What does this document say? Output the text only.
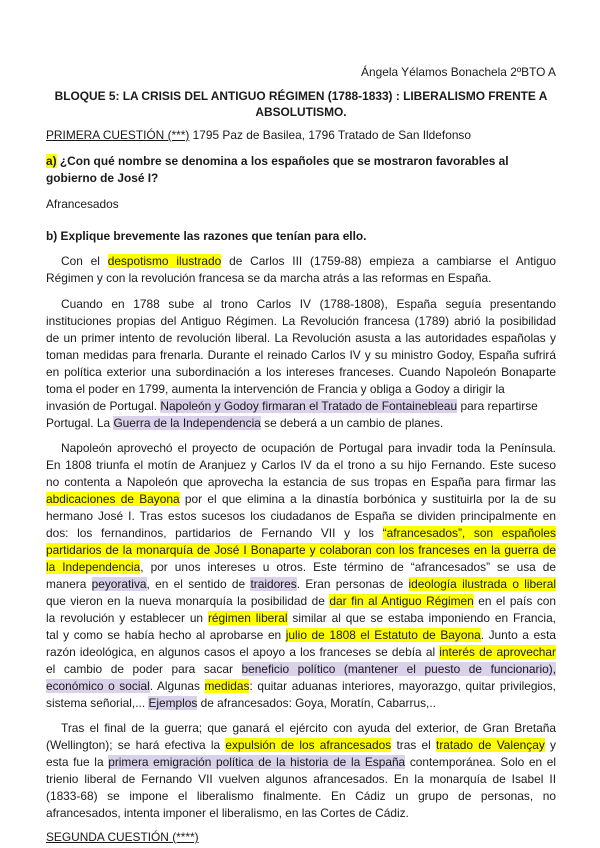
Ángela Yélamos Bonachela 2ºBTO A
BLOQUE 5: LA CRISIS DEL ANTIGUO RÉGIMEN (1788-1833) : LIBERALISMO FRENTE A
ABSOLUTISMO.
PRIMERA CUESTIÓN (***) 1795 Paz de Basilea, 1796 Tratado de San Ildefonso
a) ¿Con qué nombre se denomina a los españoles que se mostraron favorables al
gobierno de José I?
Afrancesados
b) Explique brevemente las razones que tenían para ello.
Con el despotismo ilustrado de Carlos III (1759-88) empieza a cambiarse el Antiguo
Régimen y con la revolución francesa se da marcha atrás a las reformas en España.
Cuando en 1788 sube al trono Carlos IV (1788-1808), España seguía presentando
instituciones propias del Antiguo Régimen. La Revolución francesa (1789) abrió la posibilidad
de un primer intento de revolución liberal. La Revolución asusta a las autoridades españolas y
toman medidas para frenarla. Durante el reinado Carlos IV y su ministro Godoy, España sufrirá
en política exterior una subordinación a los intereses franceses. Cuando Napoleón Bonaparte
toma el poder en 1799, aumenta la intervención de Francia y obliga a Godoy a dirigir la
invasión de Portugal. Napoleón y Godoy firmaran el Tratado de Fontainebleau para repartirse
Portugal. La Guerra de la Independencia se deberá a un cambio de planes.
Napoleón aprovechó el proyecto de ocupación de Portugal para invadir toda la Península.
En 1808 triunfa el motín de Aranjuez y Carlos IV da el trono a su hijo Fernando. Este suceso
no contenta a Napoleón que aprovecha la estancia de sus tropas en España para firmar las
abdicaciones de Bayona por el que elimina a la dinastía borbónica y sustituirla por la de su
hermano José I. Tras estos sucesos los ciudadanos de España se dividen principalmente en
dos: los fernandinos, partidarios de Fernando VII y los “afrancesados”, son españoles
partidarios de la monarquía de José I Bonaparte y colaboran con los franceses en la guerra de
la Independencia, por unos intereses u otros. Este término de “afrancesados” se usa de
manera peyorativa, en el sentido de traidores. Eran personas de ideología ilustrada o liberal
que vieron en la nueva monarquía la posibilidad de dar fin al Antiguo Régimen en el país con
la revolución y establecer un régimen liberal similar al que se estaba imponiendo en Francia,
tal y como se había hecho al aprobarse en julio de 1808 el Estatuto de Bayona. Junto a esta
razón ideológica, en algunos casos el apoyo a los franceses se debía al interés de aprovechar
el cambio de poder para sacar beneficio político (mantener el puesto de funcionario),
económico o social. Algunas medidas: quitar aduanas interiores, mayorazgo, quitar privilegios,
sistema señorial,... Ejemplos de afrancesados: Goya, Moratín, Cabarrus,..
Tras el final de la guerra; que ganará el ejército con ayuda del exterior, de Gran Bretaña
(Wellington); se hará efectiva la expulsión de los afrancesados tras el tratado de Valençay y
esta fue la primera emigración política de la historia de la España contemporánea. Solo en el
trienio liberal de Fernando VII vuelven algunos afrancesados. En la monarquía de Isabel II
(1833-68) se impone el liberalismo finalmente. En Cádiz un grupo de personas, no
afrancesados, intenta imponer el liberalismo, en las Cortes de Cádiz.
SEGUNDA CUESTIÓN (****)
